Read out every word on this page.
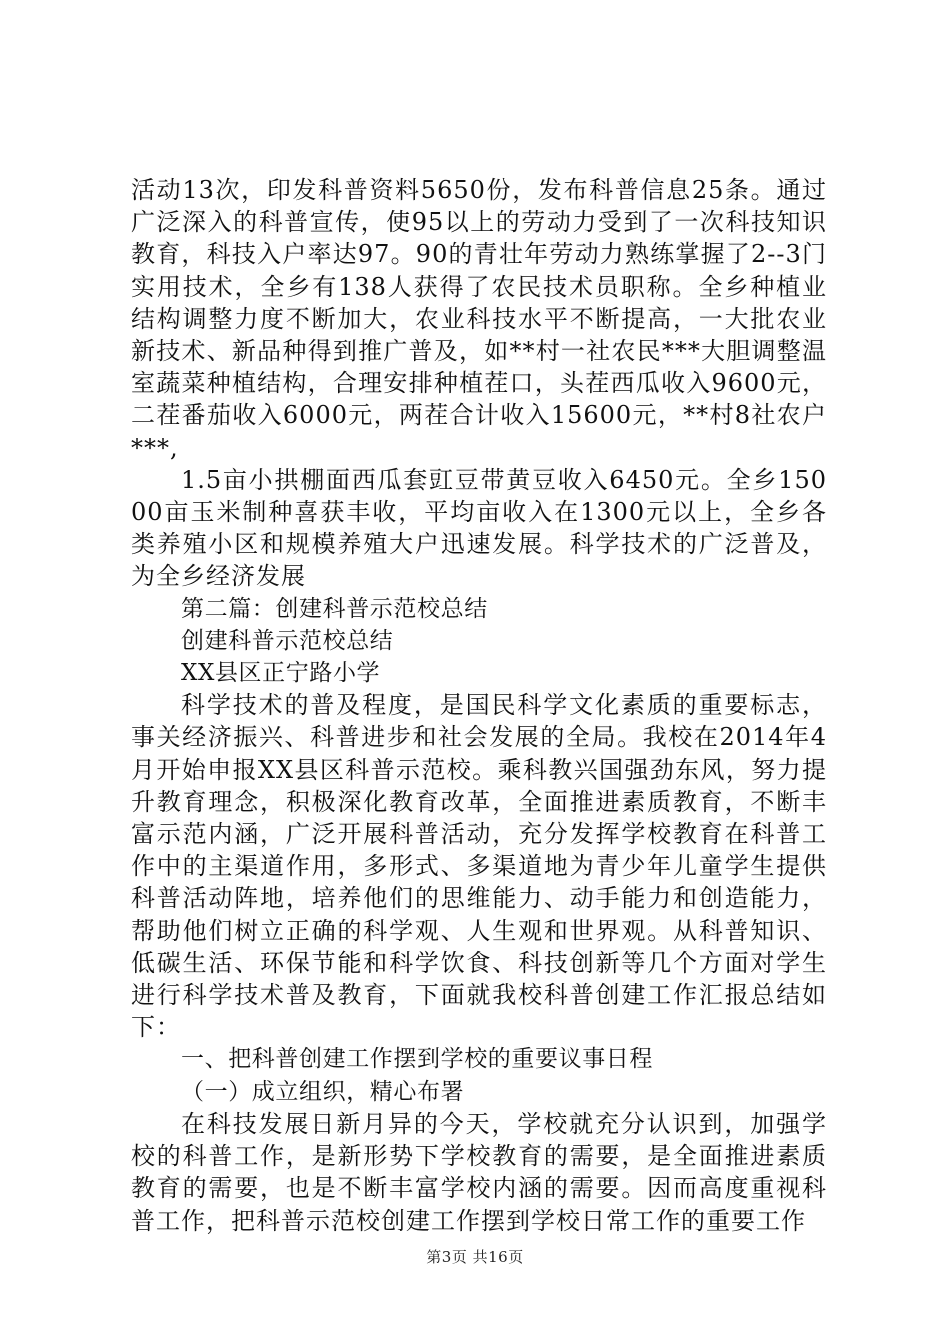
活动13次，印发科普资料5650份，发布科普信息25条。通过广泛深入的科普宣传，使95以上的劳动力受到了一次科技知识教育，科技入户率达97。90的青壮年劳动力熟练掌握了2--3门实用技术，全乡有138人获得了农民技术员职称。全乡种植业结构调整力度不断加大，农业科技水平不断提高，一大批农业新技术、新品种得到推广普及，如**村一社农民***大胆调整温室蔬菜种植结构，合理安排种植茬口，头茬西瓜收入9600元，二茬番茄收入6000元，两茬合计收入15600元，**村8社农户***,

1.5亩小拱棚面西瓜套豇豆带黄豆收入6450元。全乡15000亩玉米制种喜获丰收，平均亩收入在1300元以上，全乡各类养殖小区和规模养殖大户迅速发展。科学技术的广泛普及，为全乡经济发展

第二篇：创建科普示范校总结

创建科普示范校总结

XX县区正宁路小学

科学技术的普及程度，是国民科学文化素质的重要标志，事关经济振兴、科普进步和社会发展的全局。我校在2014年4月开始申报XX县区科普示范校。乘科教兴国强劲东风，努力提升教育理念，积极深化教育改革，全面推进素质教育，不断丰富示范内涵，广泛开展科普活动，充分发挥学校教育在科普工作中的主渠道作用，多形式、多渠道地为青少年儿童学生提供科普活动阵地，培养他们的思维能力、动手能力和创造能力，帮助他们树立正确的科学观、人生观和世界观。从科普知识、低碳生活、环保节能和科学饮食、科技创新等几个方面对学生进行科学技术普及教育，下面就我校科普创建工作汇报总结如下：

一、把科普创建工作摆到学校的重要议事日程

（一）成立组织，精心布署

在科技发展日新月异的今天，学校就充分认识到，加强学校的科普工作，是新形势下学校教育的需要，是全面推进素质教育的需要，也是不断丰富学校内涵的需要。因而高度重视科普工作，把科普示范校创建工作摆到学校日常工作的重要工作

第3页 共16页
